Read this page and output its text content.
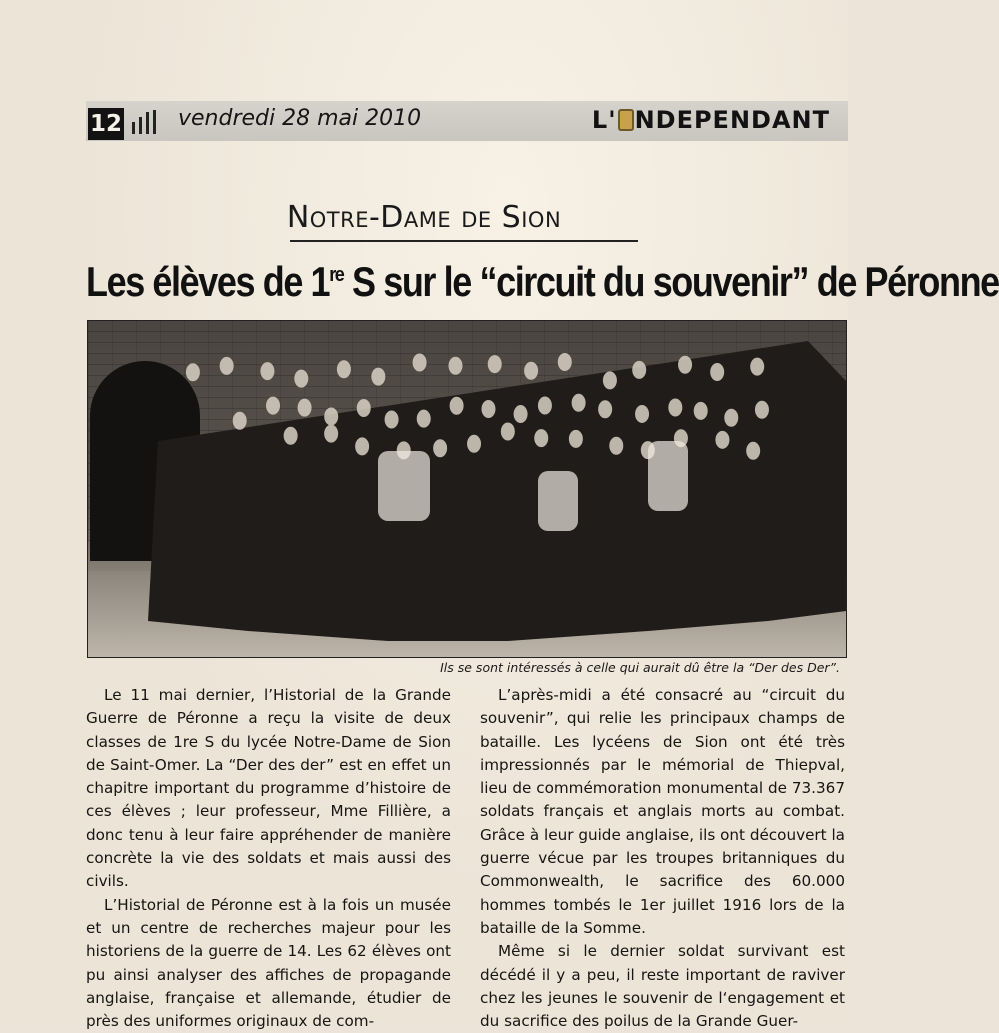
12	vendredi 28 mai 2010	L' NDEPENDANT
Notre-Dame de Sion
Les élèves de 1re S sur le “circuit du souvenir” de Péronne
Ils se sont intéressés à celle qui aurait dû être la “Der des Der”.

Le 11 mai dernier, l’Historial de la Grande Guerre de Péronne a reçu la visite de deux classes de 1re S du lycée Notre-Dame de Sion de Saint-Omer. La “Der des der” est en effet un chapitre important du programme d’histoire de ces élèves ; leur professeur, Mme Fillière, a donc tenu à leur faire appréhender de manière concrète la vie des soldats et mais aussi des civils.

L’Historial de Péronne est à la fois un musée et un centre de recherches majeur pour les historiens de la guerre de 14. Les 62 élèves ont pu ainsi analyser des affiches de propagande anglaise, française et allemande, étudier de près des uniformes originaux de com-

L’après-midi a été consacré au “circuit du souvenir”, qui relie les principaux champs de bataille. Les lycéens de Sion ont été très impressionnés par le mémorial de Thiepval, lieu de commémoration monumental de 73.367 soldats français et anglais morts au combat. Grâce à leur guide anglaise, ils ont découvert la guerre vécue par les troupes britanniques du Commonwealth, le sacrifice des 60.000 hommes tombés le 1er juillet 1916 lors de la bataille de la Somme.

Même si le dernier soldat survivant est décédé il y a peu, il reste important de raviver chez les jeunes le souvenir de l‘engagement et du sacrifice des poilus de la Grande Guer-
